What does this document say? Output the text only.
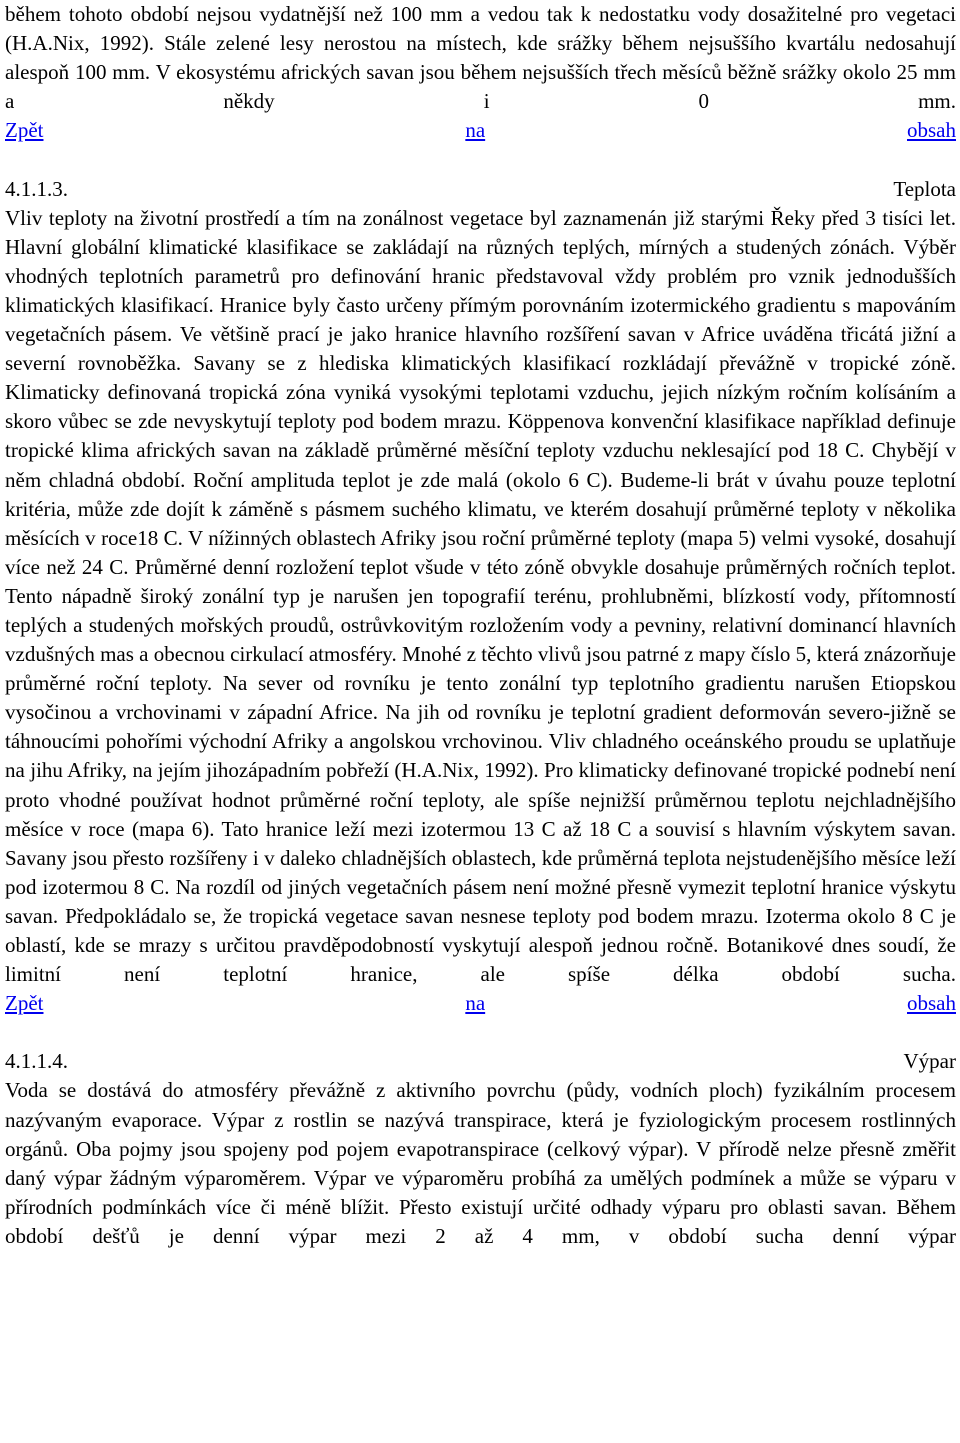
během tohoto období nejsou vydatnější než 100 mm a vedou tak k nedostatku vody dosažitelné pro vegetaci (H.A.Nix, 1992). Stále zelené lesy nerostou na místech, kde srážky během nejsuššího kvartálu nedosahují alespoň 100 mm. V ekosystému afrických savan jsou během nejsušších třech měsíců běžně srážky okolo 25 mm a někdy i 0 mm.

Zpět	na	obsah
4.1.1.3.	Teplota

Vliv teploty na životní prostředí a tím na zonálnost vegetace byl zaznamenán již starými Řeky před 3 tisíci let. Hlavní globální klimatické klasifikace se zakládají na různých teplých, mírných a studených zónách. Výběr vhodných teplotních parametrů pro definování hranic představoval vždy problém pro vznik jednodušších klimatických klasifikací. Hranice byly často určeny přímým porovnáním izotermického gradientu s mapováním vegetačních pásem. Ve většině prací je jako hranice hlavního rozšíření savan v Africe uváděna třicátá jižní a severní rovnoběžka. Savany se z hlediska klimatických klasifikací rozkládají převážně v tropické zóně. Klimaticky definovaná tropická zóna vyniká vysokými teplotami vzduchu, jejich nízkým ročním kolísáním a skoro vůbec se zde nevyskytují teploty pod bodem mrazu. Köppenova konvenční klasifikace například definuje tropické klima afrických savan na základě průměrné měsíční teploty vzduchu neklesající pod 18 C. Chybějí v něm chladná období. Roční amplituda teplot je zde malá (okolo 6 C). Budeme-li brát v úvahu pouze teplotní kritéria, může zde dojít k záměně s pásmem suchého klimatu, ve kterém dosahují průměrné teploty v několika měsících v roce18 C. V nížinných oblastech Afriky jsou roční průměrné teploty (mapa 5) velmi vysoké, dosahují více než 24 C. Průměrné denní rozložení teplot všude v této zóně obvykle dosahuje průměrných ročních teplot. Tento nápadně široký zonální typ je narušen jen topografií terénu, prohlubněmi, blízkostí vody, přítomností teplých a studených mořských proudů, ostrůvkovitým rozložením vody a pevniny, relativní dominancí hlavních vzdušných mas a obecnou cirkulací atmosféry. Mnohé z těchto vlivů jsou patrné z mapy číslo 5, která znázorňuje průměrné roční teploty. Na sever od rovníku je tento zonální typ teplotního gradientu narušen Etiopskou vysočinou a vrchovinami v západní Africe. Na jih od rovníku je teplotní gradient deformován severo-jižně se táhnoucími pohořími východní Afriky a angolskou vrchovinou. Vliv chladného oceánského proudu se uplatňuje na jihu Afriky, na jejím jihozápadním pobřeží (H.A.Nix, 1992). Pro klimaticky definované tropické podnebí není proto vhodné používat hodnot průměrné roční teploty, ale spíše nejnižší průměrnou teplotu nejchladnějšího měsíce v roce (mapa 6). Tato hranice leží mezi izotermou 13 C až 18 C a souvisí s hlavním výskytem savan. Savany jsou přesto rozšířeny i v daleko chladnějších oblastech, kde průměrná teplota nejstudenějšího měsíce leží pod izotermou 8 C. Na rozdíl od jiných vegetačních pásem není možné přesně vymezit teplotní hranice výskytu savan. Předpokládalo se, že tropická vegetace savan nesnese teploty pod bodem mrazu. Izoterma okolo 8 C je oblastí, kde se mrazy s určitou pravděpodobností vyskytují alespoň jednou ročně. Botanikové dnes soudí, že limitní není teplotní hranice, ale spíše délka období sucha.

Zpět	na	obsah
4.1.1.4.	Výpar

Voda se dostává do atmosféry převážně z aktivního povrchu (půdy, vodních ploch) fyzikálním procesem nazývaným evaporace. Výpar z rostlin se nazývá transpirace, která je fyziologickým procesem rostlinných orgánů. Oba pojmy jsou spojeny pod pojem evapotranspirace (celkový výpar). V přírodě nelze přesně změřit daný výpar žádným výparoměrem. Výpar ve výparoměru probíhá za umělých podmínek a může se výparu v přírodních podmínkách více či méně blížit. Přesto existují určité odhady výparu pro oblasti savan. Během období dešťů je denní výpar mezi 2 až 4 mm, v období sucha denní výpar
